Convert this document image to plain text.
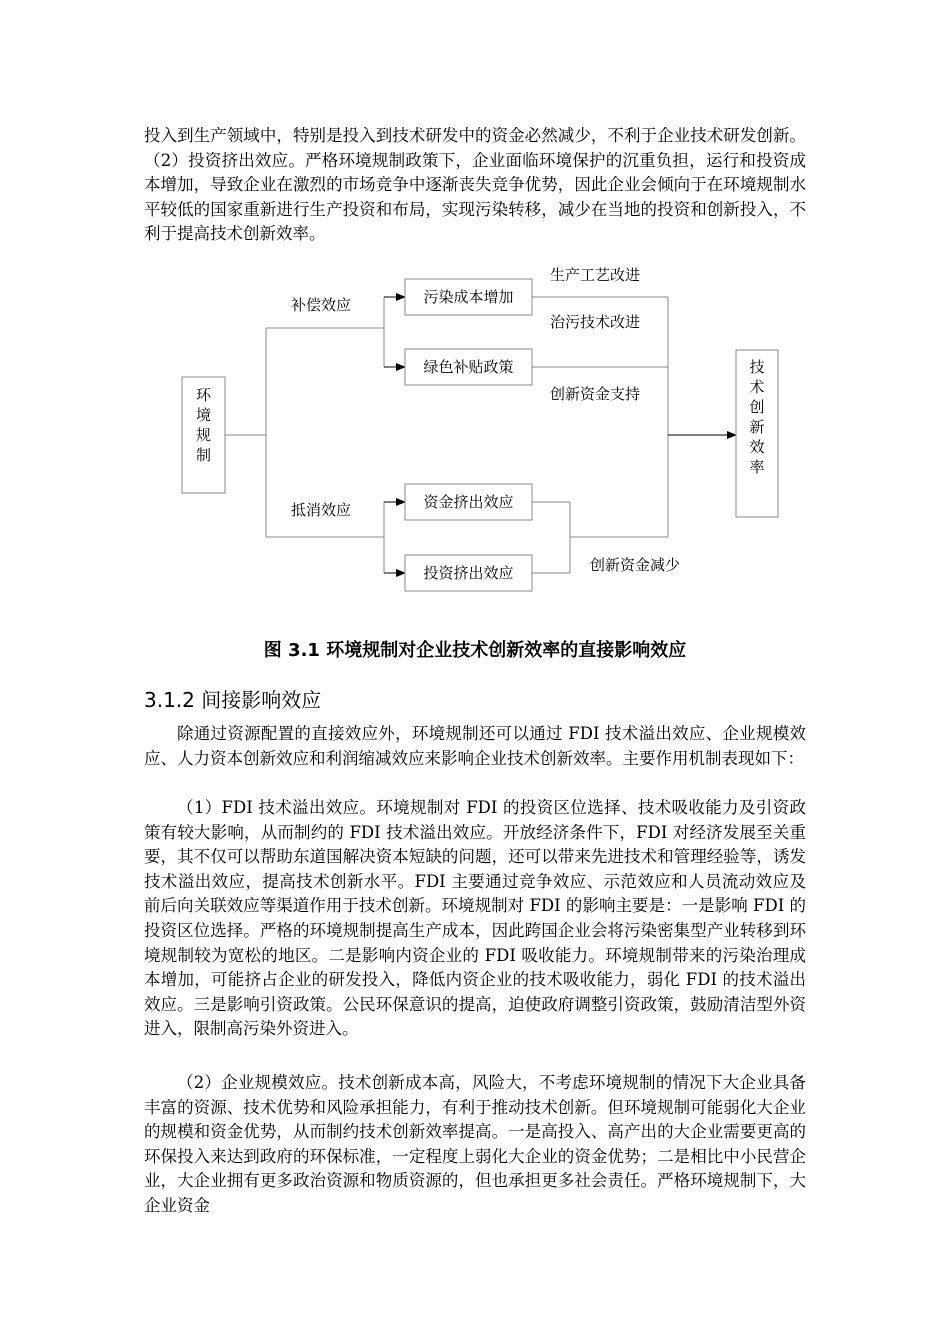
投入到生产领域中，特别是投入到技术研发中的资金必然减少，不利于企业技术研发创新。（2）投资挤出效应。严格环境规制政策下，企业面临环境保护的沉重负担，运行和投资成本增加，导致企业在激烈的市场竞争中逐渐丧失竞争优势，因此企业会倾向于在环境规制水平较低的国家重新进行生产投资和布局，实现污染转移，减少在当地的投资和创新投入，不利于提高技术创新效率。
环
境
规
制
技
术
创
新
效
率
污染成本增加
绿色补贴政策
资金挤出效应
投资挤出效应
补偿效应
抵消效应
生产工艺改进
治污技术改进
创新资金支持
创新资金减少
图 3.1 环境规制对企业技术创新效率的直接影响效应
3.1.2 间接影响效应
除通过资源配置的直接效应外，环境规制还可以通过 FDI 技术溢出效应、企业规模效应、人力资本创新效应和利润缩减效应来影响企业技术创新效率。主要作用机制表现如下：
（1）FDI 技术溢出效应。环境规制对 FDI 的投资区位选择、技术吸收能力及引资政策有较大影响，从而制约的 FDI 技术溢出效应。开放经济条件下，FDI 对经济发展至关重要，其不仅可以帮助东道国解决资本短缺的问题，还可以带来先进技术和管理经验等，诱发技术溢出效应，提高技术创新水平。FDI 主要通过竞争效应、示范效应和人员流动效应及前后向关联效应等渠道作用于技术创新。环境规制对 FDI 的影响主要是：一是影响 FDI 的投资区位选择。严格的环境规制提高生产成本，因此跨国企业会将污染密集型产业转移到环境规制较为宽松的地区。二是影响内资企业的 FDI 吸收能力。环境规制带来的污染治理成本增加，可能挤占企业的研发投入，降低内资企业的技术吸收能力，弱化 FDI 的技术溢出效应。三是影响引资政策。公民环保意识的提高，迫使政府调整引资政策，鼓励清洁型外资进入，限制高污染外资进入。
（2）企业规模效应。技术创新成本高，风险大，不考虑环境规制的情况下大企业具备丰富的资源、技术优势和风险承担能力，有利于推动技术创新。但环境规制可能弱化大企业的规模和资金优势，从而制约技术创新效率提高。一是高投入、高产出的大企业需要更高的环保投入来达到政府的环保标准，一定程度上弱化大企业的资金优势；二是相比中小民营企业，大企业拥有更多政治资源和物质资源的，但也承担更多社会责任。严格环境规制下，大企业资金
